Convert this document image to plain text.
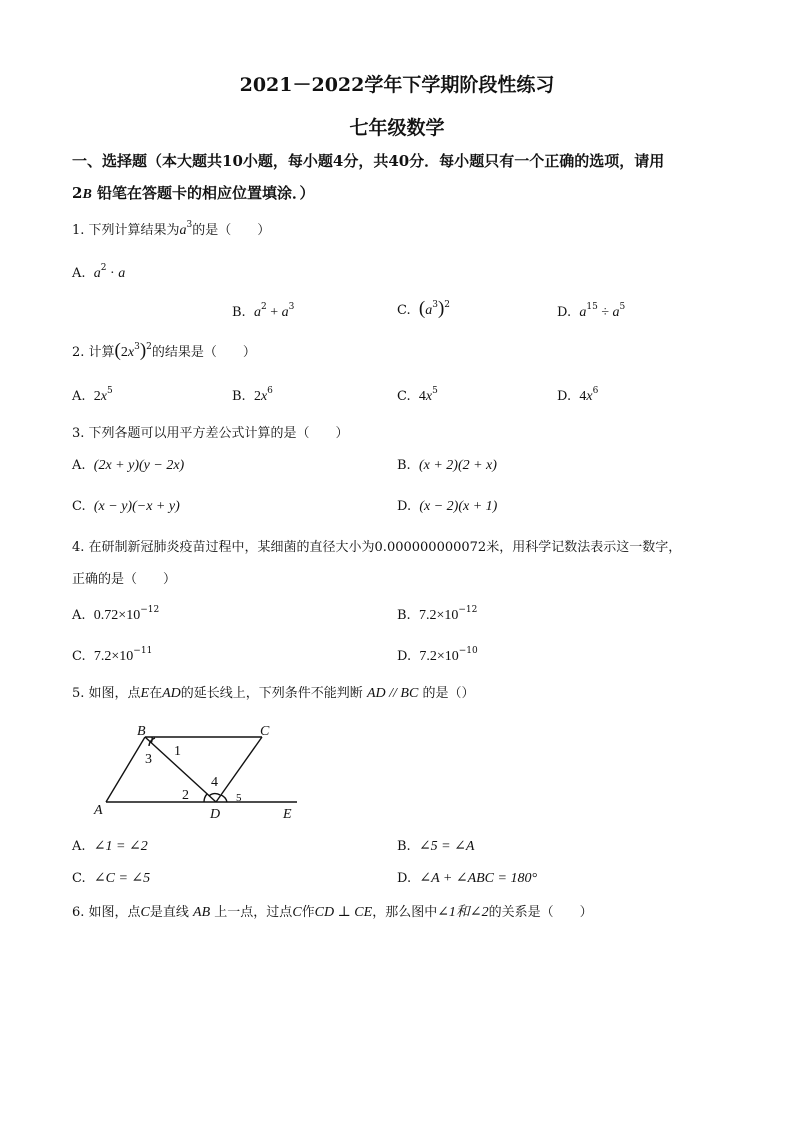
2021－2022学年下学期阶段性练习
七年级数学
一、选择题（本大题共10小题，每小题4分，共40分．每小题只有一个正确的选项，请用
2B 铅笔在答题卡的相应位置填涂．）
1. 下列计算结果为$a^3$的是（　　）
A. $a^2 \cdot a$
B. $a^2 + a^3$	C. $(a^3)^2$	D. $a^{15} \div a^5$
2. 计算$(2x^3)^2$的结果是（　　）
A. $2x^5$	B. $2x^6$	C. $4x^5$	D. $4x^6$
3. 下列各题可以用平方差公式计算的是（　　）
A. (2x + y)(y − 2x)	B. (x + 2)(2 + x)
C. (x − y)(−x + y)	D. (x − 2)(x + 1)
4. 在研制新冠肺炎疫苗过程中，某细菌的直径大小为0.000000000072米，用科学记数法表示这一数字，
正确的是（　　）
A. $0.72\times 10^{-12}$	B. $7.2\times 10^{-12}$
C. $7.2\times 10^{-11}$	D. $7.2\times 10^{-10}$
5. 如图，点E在AD的延长线上，下列条件不能判断 AD // BC 的是（）
A
B	C
D	E
1
2
3
4
5
A. ∠1 = ∠2	B. ∠5 = ∠A
C. ∠C = ∠5	D. ∠A + ∠ABC = 180°
6. 如图，点C是直线 AB 上一点，过点C作CD ⊥ CE，那么图中∠1和∠2的关系是（　　）
